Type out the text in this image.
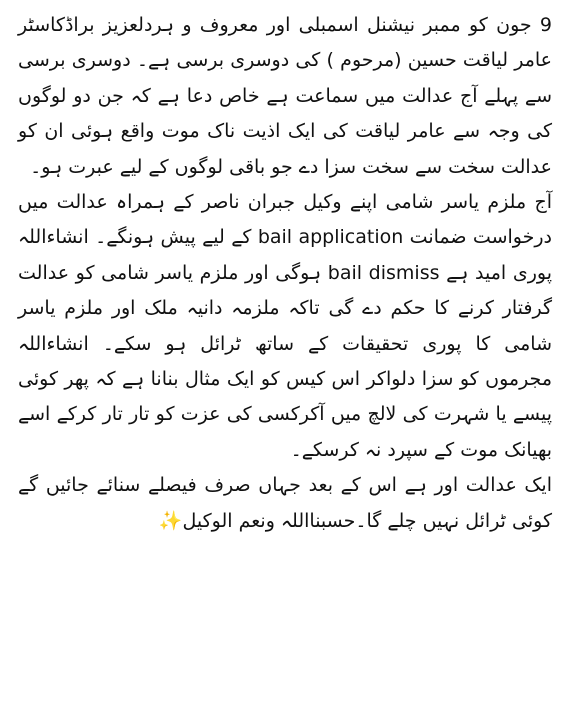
9 جون کو ممبر نیشنل اسمبلی اور معروف و ہردلعزیز براڈکاسٹر عامر لیاقت حسین (مرحوم ) کی دوسری برسی ہے۔ دوسری برسی سے پہلے آج عدالت میں سماعت ہے خاص دعا ہے کہ جن دو لوگوں کی وجہ سے عامر لیاقت کی ایک اذیت ناک موت واقع ہوئی ان کو عدالت سخت سے سخت سزا دے جو باقی لوگوں کے لیے عبرت ہو۔

آج ملزم یاسر شامی اپنے وکیل جبران ناصر کے ہمراہ عدالت میں درخواست ضمانت bail application کے لیے پیش ہونگے۔ انشاءاللہ پوری امید ہے bail dismiss ہوگی اور ملزم یاسر شامی کو عدالت گرفتار کرنے کا حکم دے گی تاکہ ملزمہ دانیہ ملک اور ملزم یاسر شامی کا پوری تحقیقات کے ساتھ ٹرائل ہو سکے۔ انشاءاللہ مجرموں کو سزا دلواکر اس کیس کو ایک مثال بنانا ہے کہ پھر کوئی پیسے یا شہرت کی لالچ میں آکرکسی کی عزت کو تار تار کرکے اسے بھیانک موت کے سپرد نہ کرسکے۔

ایک عدالت اور ہے اس کے بعد جہاں صرف فیصلے سنائے جائیں گے کوئی ٹرائل نہیں چلے گا۔حسبنااللہ ونعم الوکیل✨
